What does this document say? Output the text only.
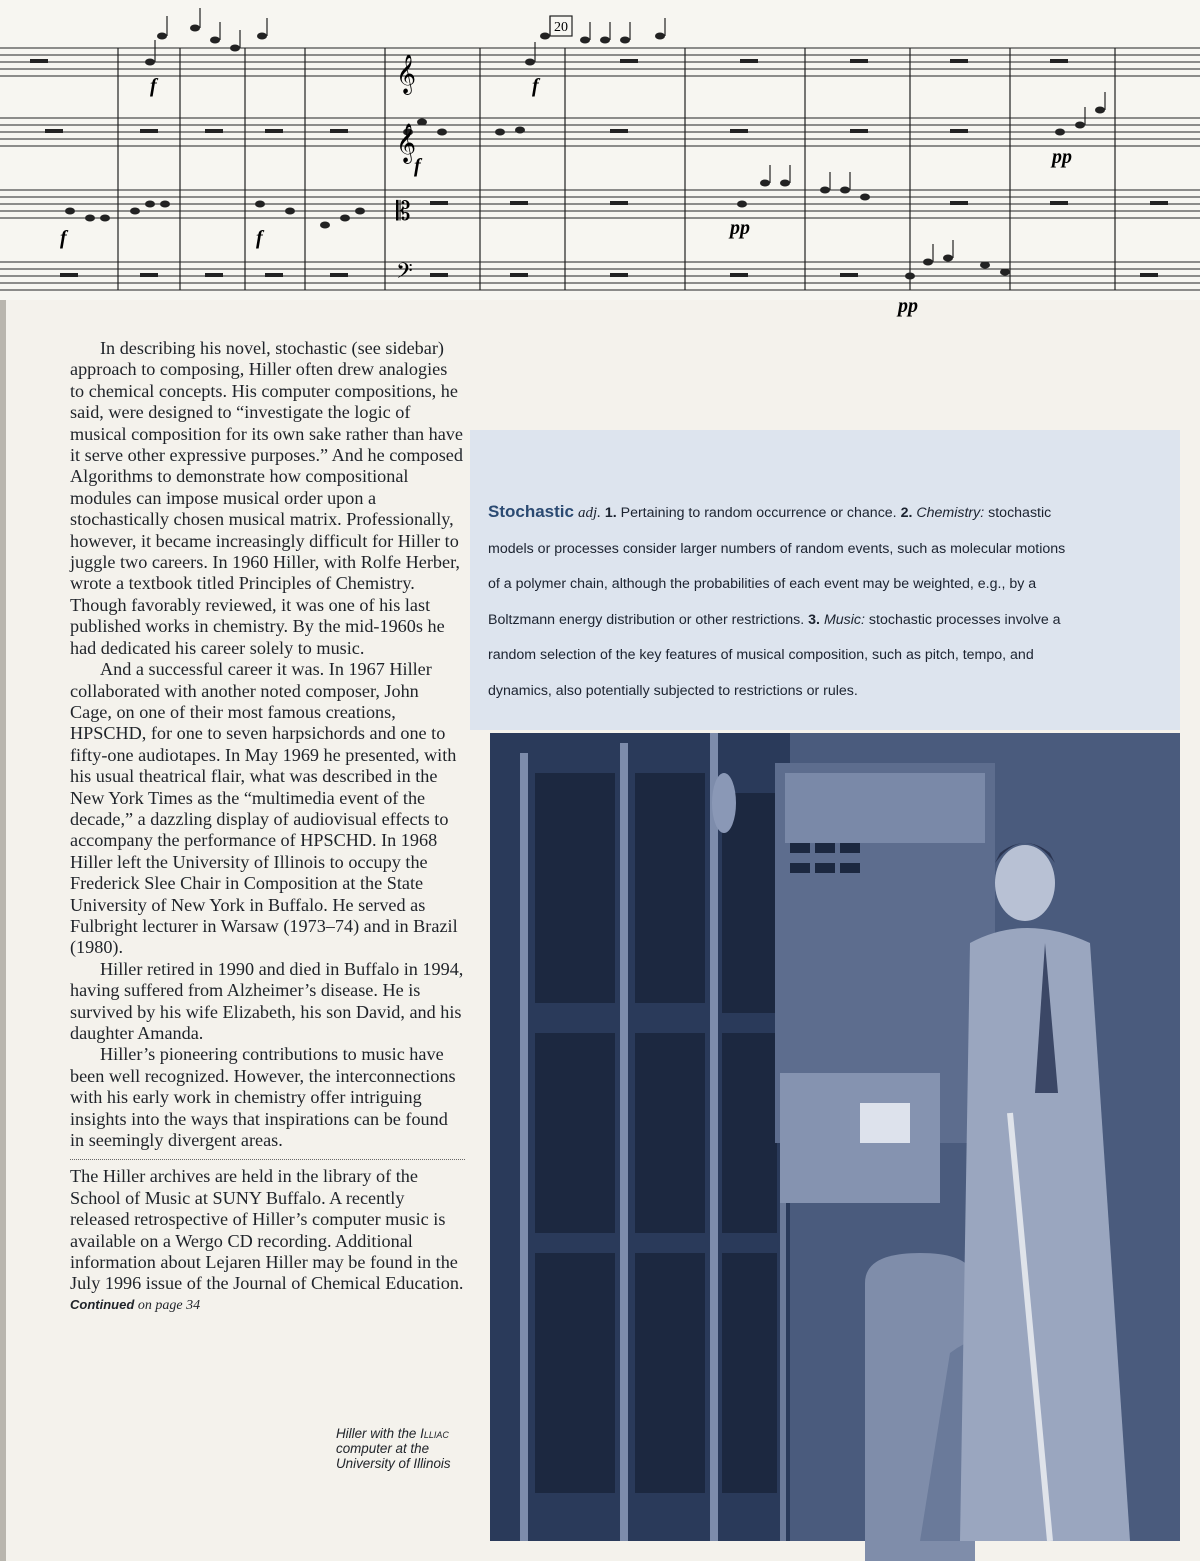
20
𝄞
𝄞
𝄡
𝄢
f	f
f
f	f	pp
pp
pp

In describing his novel, stochastic (see sidebar) approach to composing, Hiller often drew analogies to chemical concepts. His computer compositions, he said, were designed to “investigate the logic of musical composition for its own sake rather than have it serve other expressive purposes.” And he composed Algorithms to demonstrate how compositional modules can impose musical order upon a stochastically chosen musical matrix. Professionally, however, it became increasingly difficult for Hiller to juggle two careers. In 1960 Hiller, with Rolfe Herber, wrote a textbook titled Principles of Chemistry. Though favorably reviewed, it was one of his last published works in chemistry. By the mid-1960s he had dedicated his career solely to music.

And a successful career it was. In 1967 Hiller collaborated with another noted composer, John Cage, on one of their most famous creations, HPSCHD, for one to seven harpsichords and one to fifty-one audiotapes. In May 1969 he presented, with his usual theatrical flair, what was described in the New York Times as the “multimedia event of the decade,” a dazzling display of audiovisual effects to accompany the performance of HPSCHD. In 1968 Hiller left the University of Illinois to occupy the Frederick Slee Chair in Composition at the State University of New York in Buffalo. He served as Fulbright lecturer in Warsaw (1973–74) and in Brazil (1980).

Hiller retired in 1990 and died in Buffalo in 1994, having suffered from Alzheimer’s disease. He is survived by his wife Elizabeth, his son David, and his daughter Amanda.

Hiller’s pioneering contributions to music have been well recognized. However, the interconnections with his early work in chemistry offer intriguing insights into the ways that inspirations can be found in seemingly divergent areas.

The Hiller archives are held in the library of the School of Music at SUNY Buffalo. A recently released retrospective of Hiller’s computer music is available on a Wergo CD recording. Additional information about Lejaren Hiller may be found in the July 1996 issue of the Journal of Chemical Education.

Continued on page 34
Stochastic adj. 1. Pertaining to random occurrence or chance. 2. Chemistry: stochastic models or processes consider larger numbers of random events, such as molecular motions of a polymer chain, although the probabilities of each event may be weighted, e.g., by a Boltzmann energy distribution or other restrictions. 3. Music: stochastic processes involve a random selection of the key features of musical composition, such as pitch, tempo, and dynamics, also potentially subjected to restrictions or rules.
Hiller with the Illiac
computer at the
University of Illinois
